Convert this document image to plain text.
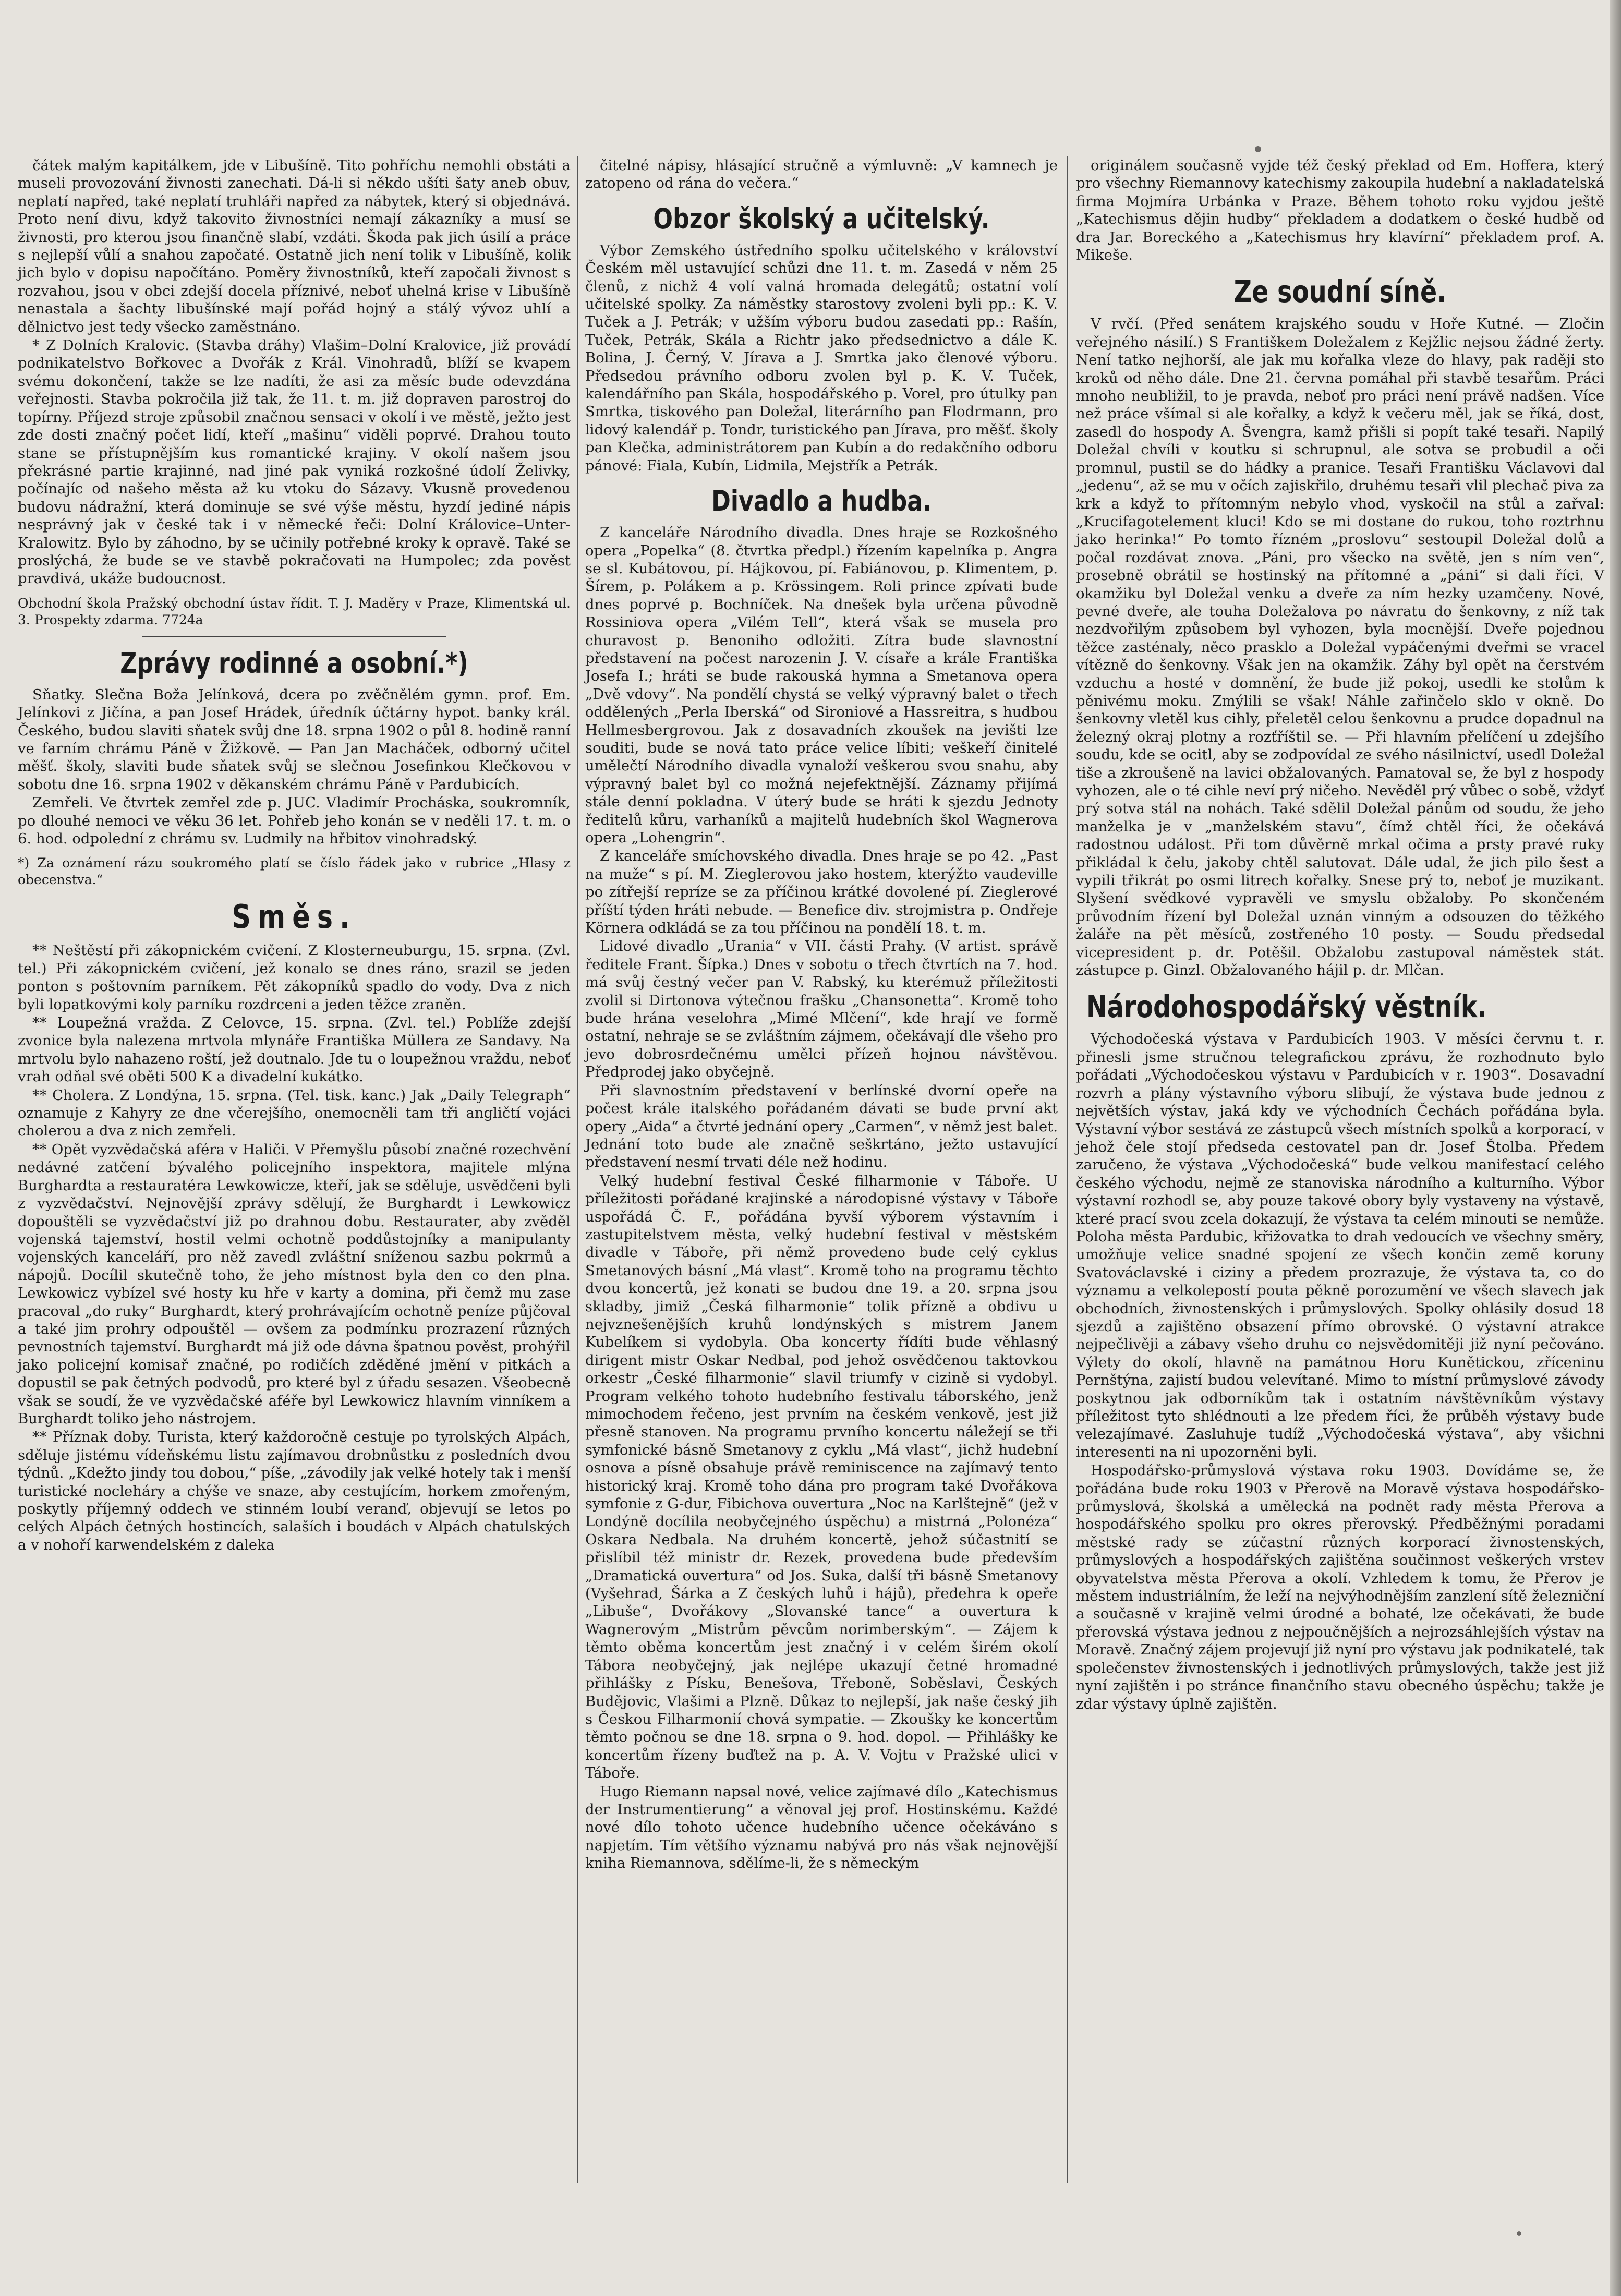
čátek malým kapitálkem, jde v Libušíně. Tito pohříchu nemohli obstáti a museli provozování živnosti zanechati. Dá-li si někdo ušíti šaty aneb obuv, neplatí napřed, také neplatí truhláři napřed za nábytek, který si objednává. Proto není divu, když takovito živnostníci nemají zákazníky a musí se živnosti, pro kterou jsou finančně slabí, vzdáti. Škoda pak jich úsilí a práce s nejlepší vůlí a snahou započaté. Ostatně jich není tolik v Libušíně, kolik jich bylo v dopisu napočítáno. Poměry živnostníků, kteří započali živnost s rozvahou, jsou v obci zdejší docela příznivé, neboť uhelná krise v Libušíně nenastala a šachty libušínské mají pořád hojný a stálý vývoz uhlí a dělnictvo jest tedy všecko zaměstnáno.

* Z Dolních Kralovic. (Stavba dráhy) Vlašim–Dolní Kralovice, již provádí podnikatelstvo Bořkovec a Dvořák z Král. Vinohradů, blíží se kvapem svému dokončení, takže se lze nadíti, že asi za měsíc bude odevzdána veřejnosti. Stavba pokročila již tak, že 11. t. m. již dopraven parostroj do topírny. Příjezd stroje způsobil značnou sensaci v okolí i ve městě, ježto jest zde dosti značný počet lidí, kteří „mašinu“ viděli poprvé. Drahou touto stane se přístupnějším kus romantické krajiny. V okolí našem jsou překrásné partie krajinné, nad jiné pak vyniká rozkošné údolí Želivky, počínajíc od našeho města až ku vtoku do Sázavy. Vkusně provedenou budovu nádražní, která dominuje se své výše městu, hyzdí jediné nápis nesprávný jak v české tak i v německé řeči: Dolní Královice–Unter-Kralowitz. Bylo by záhodno, by se učinily potřebné kroky k opravě. Také se proslýchá, že bude se ve stavbě pokračovati na Humpolec; zda pověst pravdivá, ukáže budoucnost.

Obchodní škola Pražský obchodní ústav řídit. T. J. Maděry v Praze, Klimentská ul. 3. Prospekty zdarma. 7724a
Zprávy rodinné a osobní.*)

Sňatky. Slečna Boža Jelínková, dcera po zvěčnělém gymn. prof. Em. Jelínkovi z Jičína, a pan Josef Hrádek, úředník účtárny hypot. banky král. Českého, budou slaviti sňatek svůj dne 18. srpna 1902 o půl 8. hodině ranní ve farním chrámu Páně v Žižkově. — Pan Jan Macháček, odborný učitel měšť. školy, slaviti bude sňatek svůj se slečnou Josefinkou Klečkovou v sobotu dne 16. srpna 1902 v děkanském chrámu Páně v Pardubicích.

Zemřeli. Ve čtvrtek zemřel zde p. JUC. Vladimír Procháska, soukromník, po dlouhé nemoci ve věku 36 let. Pohřeb jeho konán se v neděli 17. t. m. o 6. hod. odpolední z chrámu sv. Ludmily na hřbitov vinohradský.

*) Za oznámení rázu soukromého platí se číslo řádek jako v rubrice „Hlasy z obecenstva.“
Směs.

** Neštěstí při zákopnickém cvičení. Z Klosterneuburgu, 15. srpna. (Zvl. tel.) Při zákopnickém cvičení, jež konalo se dnes ráno, srazil se jeden ponton s poštovním parníkem. Pět zákopníků spadlo do vody. Dva z nich byli lopatkovými koly parníku rozdrceni a jeden těžce zraněn.

** Loupežná vražda. Z Celovce, 15. srpna. (Zvl. tel.) Poblíže zdejší zvonice byla nalezena mrtvola mlynáře Františka Müllera ze Sandavy. Na mrtvolu bylo nahazeno roští, jež doutnalo. Jde tu o loupežnou vraždu, neboť vrah odňal své oběti 500 K a divadelní kukátko.

** Cholera. Z Londýna, 15. srpna. (Tel. tisk. kanc.) Jak „Daily Telegraph“ oznamuje z Kahyry ze dne včerejšího, onemocněli tam tři angličtí vojáci cholerou a dva z nich zemřeli.

** Opět vyzvědačská aféra v Haliči. V Přemyšlu působí značné rozechvění nedávné zatčení bývalého policejního inspektora, majitele mlýna Burghardta a restauratéra Lewkowicze, kteří, jak se sděluje, usvědčeni byli z vyzvědačství. Nejnovější zprávy sdělují, že Burghardt i Lewkowicz dopouštěli se vyzvědačství již po drahnou dobu. Restaurater, aby zvěděl vojenská tajemství, hostil velmi ochotně poddůstojníky a manipulanty vojenských kanceláří, pro něž zavedl zvláštní sníženou sazbu pokrmů a nápojů. Docílil skutečně toho, že jeho místnost byla den co den plna. Lewkowicz vybízel své hosty ku hře v karty a domina, při čemž mu zase pracoval „do ruky“ Burghardt, který prohrávajícím ochotně peníze půjčoval a také jim prohry odpouštěl — ovšem za podmínku prozrazení různých pevnostních tajemství. Burghardt má již ode dávna špatnou pověst, prohýřil jako policejní komisař značné, po rodičích zděděné jmění v pitkách a dopustil se pak četných podvodů, pro které byl z úřadu sesazen. Všeobecně však se soudí, že ve vyzvědačské aféře byl Lewkowicz hlavním vinníkem a Burghardt toliko jeho nástrojem.

** Příznak doby. Turista, který každoročně cestuje po tyrolských Alpách, sděluje jistému vídeňskému listu zajímavou drobnůstku z posledních dvou týdnů. „Kdežto jindy tou dobou,“ píše, „závodily jak velké hotely tak i menší turistické nocleháry a chýše ve snaze, aby cestujícím, horkem zmořeným, poskytly příjemný oddech ve stinném loubí veranď, objevují se letos po celých Alpách četných hostincích, salaších i boudách v Alpách chatulských a v nohoří karwendelském z daleka

čitelné nápisy, hlásající stručně a výmluvně: „V kamnech je zatopeno od rána do večera.“

Obzor školský a učitelský.

Výbor Zemského ústředního spolku učitelského v království Českém měl ustavující schůzi dne 11. t. m. Zasedá v něm 25 členů, z nichž 4 volí valná hromada delegátů; ostatní volí učitelské spolky. Za náměstky starostovy zvoleni byli pp.: K. V. Tuček a J. Petrák; v užším výboru budou zasedati pp.: Rašín, Tuček, Petrák, Skála a Richtr jako předsednictvo a dále K. Bolina, J. Černý, V. Jírava a J. Smrtka jako členové výboru. Předsedou právního odboru zvolen byl p. K. V. Tuček, kalendářního pan Skála, hospodářského p. Vorel, pro útulky pan Smrtka, tiskového pan Doležal, literárního pan Flodrmann, pro lidový kalendář p. Tondr, turistického pan Jírava, pro měšť. školy pan Klečka, administrátorem pan Kubín a do redakčního odboru pánové: Fiala, Kubín, Lidmila, Mejstřík a Petrák.

Divadlo a hudba.

Z kanceláře Národního divadla. Dnes hraje se Rozkošného opera „Popelka“ (8. čtvrtka předpl.) řízením kapelníka p. Angra se sl. Kubátovou, pí. Hájkovou, pí. Fabiánovou, p. Klimentem, p. Šírem, p. Polákem a p. Krössingem. Roli prince zpívati bude dnes poprvé p. Bochníček. Na dnešek byla určena původně Rossiniova opera „Vilém Tell“, která však se musela pro churavost p. Benoniho odložiti. Zítra bude slavnostní představení na počest narozenin J. V. císaře a krále Františka Josefa I.; hráti se bude rakouská hymna a Smetanova opera „Dvě vdovy“. Na pondělí chystá se velký výpravný balet o třech oddělených „Perla Iberská“ od Sironiové a Hassreitra, s hudbou Hellmesbergrovou. Jak z dosavadních zkoušek na jevišti lze souditi, bude se nová tato práce velice líbiti; veškeří činitelé umělečtí Národního divadla vynaloží veškerou svou snahu, aby výpravný balet byl co možná nejefektnější. Záznamy přijímá stále denní pokladna. V úterý bude se hráti k sjezdu Jednoty ředitelů kůru, varhaníků a majitelů hudebních škol Wagnerova opera „Lohengrin“.

Z kanceláře smíchovského divadla. Dnes hraje se po 42. „Past na muže“ s pí. M. Zieglerovou jako hostem, kterýžto vaudeville po zítřejší repríze se za příčinou krátké dovolené pí. Zieglerové příští týden hráti nebude. — Benefice div. strojmistra p. Ondřeje Körnera odkládá se za tou příčinou na pondělí 18. t. m.

Lidové divadlo „Urania“ v VII. části Prahy. (V artist. správě ředitele Frant. Šípka.) Dnes v sobotu o třech čtvrtích na 7. hod. má svůj čestný večer pan V. Rabský, ku kterémuž příležitosti zvolil si Dirtonova výtečnou frašku „Chansonetta“. Kromě toho bude hrána veselohra „Mimé Mlčení“, kde hrají ve formě ostatní, nehraje se se zvláštním zájmem, očekávají dle všeho pro jevo dobrosrdečnému umělci přízeň hojnou návštěvou. Předprodej jako obyčejně.

Při slavnostním představení v berlínské dvorní opeře na počest krále italského pořádaném dávati se bude první akt opery „Aida“ a čtvrté jednání opery „Carmen“, v němž jest balet. Jednání toto bude ale značně seškrtáno, ježto ustavující představení nesmí trvati déle než hodinu.

Velký hudební festival České filharmonie v Táboře. U příležitosti pořádané krajinské a národopisné výstavy v Táboře uspořádá Č. F., pořádána byvší výborem výstavním i zastupitelstvem města, velký hudební festival v městském divadle v Táboře, při němž provedeno bude celý cyklus Smetanových básní „Má vlast“. Kromě toho na programu těchto dvou koncertů, jež konati se budou dne 19. a 20. srpna jsou skladby, jimiž „Česká filharmonie“ tolik přízně a obdivu u nejvznešenějších kruhů londýnských s mistrem Janem Kubelíkem si vydobyla. Oba koncerty řídíti bude věhlasný dirigent mistr Oskar Nedbal, pod jehož osvědčenou taktovkou orkestr „České filharmonie“ slavil triumfy v cizině si vydobyl. Program velkého tohoto hudebního festivalu táborského, jenž mimochodem řečeno, jest prvním na českém venkově, jest již přesně stanoven. Na programu prvního koncertu náležejí se tři symfonické básně Smetanovy z cyklu „Má vlast“, jichž hudební osnova a písně obsahuje právě reminiscence na zajímavý tento historický kraj. Kromě toho dána pro program také Dvořákova symfonie z G-dur, Fibichova ouvertura „Noc na Karlštejně“ (jež v Londýně docílila neobyčejného úspěchu) a mistrná „Polonéza“ Oskara Nedbala. Na druhém koncertě, jehož súčastnití se přislíbil též ministr dr. Rezek, provedena bude především „Dramatická ouvertura“ od Jos. Suka, další tři básně Smetanovy (Vyšehrad, Šárka a Z českých luhů i hájů), předehra k opeře „Libuše“, Dvořákovy „Slovanské tance“ a ouvertura k Wagnerovým „Mistrům pěvcům norimberským“. — Zájem k těmto oběma koncertům jest značný i v celém širém okolí Tábora neobyčejný, jak nejlépe ukazují četné hromadné přihlášky z Písku, Benešova, Třeboně, Soběslavi, Českých Budějovic, Vlašimi a Plzně. Důkaz to nejlepší, jak naše český jih s Českou Filharmonií chová sympatie. — Zkoušky ke koncertům těmto počnou se dne 18. srpna o 9. hod. dopol. — Přihlášky ke koncertům řízeny buďtež na p. A. V. Vojtu v Pražské ulici v Táboře.

Hugo Riemann napsal nové, velice zajímavé dílo „Katechismus der Instrumentierung“ a věnoval jej prof. Hostinskému. Každé nové dílo tohoto učence hudebního učence očekáváno s napjetím. Tím většího významu nabývá pro nás však nejnovější kniha Riemannova, sdělíme-li, že s německým

originálem současně vyjde též český překlad od Em. Hoffera, který pro všechny Riemannovy katechismy zakoupila hudební a nakladatelská firma Mojmíra Urbánka v Praze. Během tohoto roku vyjdou ještě „Katechismus dějin hudby“ překladem a dodatkem o české hudbě od dra Jar. Boreckého a „Katechismus hry klavírní“ překladem prof. A. Mikeše.

Ze soudní síně.

V rvčí. (Před senátem krajského soudu v Hoře Kutné. — Zločin veřejného násilí.) S Františkem Doležalem z Kejžlic nejsou žádné žerty. Není tatko nejhorší, ale jak mu kořalka vleze do hlavy, pak raději sto kroků od něho dále. Dne 21. června pomáhal při stavbě tesařům. Práci mnoho neubližil, to je pravda, neboť pro práci není právě nadšen. Více než práce všímal si ale kořalky, a když k večeru měl, jak se říká, dost, zasedl do hospody A. Švengra, kamž přišli si popít také tesaři. Napilý Doležal chvíli v koutku si schrupnul, ale sotva se probudil a oči promnul, pustil se do hádky a pranice. Tesaři Františku Václavovi dal „jedenu“, až se mu v očích zajiskřilo, druhému tesaři vlil plechač piva za krk a když to přítomným nebylo vhod, vyskočil na stůl a zařval: „Krucifagotelement kluci! Kdo se mi dostane do rukou, toho roztrhnu jako herinka!“ Po tomto řízném „proslovu“ sestoupil Doležal dolů a počal rozdávat znova. „Páni, pro všecko na světě, jen s ním ven“, prosebně obrátil se hostinský na přítomné a „páni“ si dali říci. V okamžiku byl Doležal venku a dveře za ním hezky uzamčeny. Nové, pevné dveře, ale touha Doležalova po návratu do šenkovny, z níž tak nezdvořilým způsobem byl vyhozen, byla mocnější. Dveře pojednou těžce zasténaly, něco prasklo a Doležal vypáčenými dveřmi se vracel vítězně do šenkovny. Však jen na okamžik. Záhy byl opět na čerstvém vzduchu a hosté v domnění, že bude již pokoj, usedli ke stolům k pěnivému moku. Zmýlili se však! Náhle zařinčelo sklo v okně. Do šenkovny vletěl kus cihly, přeletěl celou šenkovnu a prudce dopadnul na železný okraj plotny a rozťříštil se. — Při hlavním přelíčení u zdejšího soudu, kde se ocitl, aby se zodpovídal ze svého násilnictví, usedl Doležal tiše a zkroušeně na lavici obžalovaných. Pamatoval se, že byl z hospody vyhozen, ale o té cihle neví prý ničeho. Nevěděl prý vůbec o sobě, vždyť prý sotva stál na nohách. Také sdělil Doležal pánům od soudu, že jeho manželka je v „manželském stavu“, čímž chtěl říci, že očekává radostnou událost. Při tom důvěrně mrkal očima a prsty pravé ruky přikládal k čelu, jakoby chtěl salutovat. Dále udal, že jich pilo šest a vypili třikrát po osmi litrech kořalky. Snese prý to, neboť je muzikant. Slyšení svědkové vypravěli ve smyslu obžaloby. Po skončeném průvodním řízení byl Doležal uznán vinným a odsouzen do těžkého žaláře na pět měsíců, zostřeného 10 posty. — Soudu předsedal vicepresident p. dr. Potěšil. Obžalobu zastupoval náměstek stát. zástupce p. Ginzl. Obžalovaného hájil p. dr. Mlčan.

Národohospodářský věstník.

Východočeská výstava v Pardubicích 1903. V měsíci červnu t. r. přinesli jsme stručnou telegrafickou zprávu, že rozhodnuto bylo pořádati „Východočeskou výstavu v Pardubicích v r. 1903“. Dosavadní rozvrh a plány výstavního výboru slibují, že výstava bude jednou z největších výstav, jaká kdy ve východních Čechách pořádána byla. Výstavní výbor sestává ze zástupců všech místních spolků a korporací, v jehož čele stojí předseda cestovatel pan dr. Josef Štolba. Předem zaručeno, že výstava „Východočeská“ bude velkou manifestací celého českého východu, nejmě ze stanoviska národního a kulturního. Výbor výstavní rozhodl se, aby pouze takové obory byly vystaveny na výstavě, které prací svou zcela dokazují, že výstava ta celém minouti se nemůže. Poloha města Pardubic, křižovatka to drah vedoucích ve všechny směry, umožňuje velice snadné spojení ze všech končin země koruny Svatováclavské i ciziny a předem prozrazuje, že výstava ta, co do významu a velkolepostí pouta pěkně porozumění ve všech slavech jak obchodních, živnostenských i průmyslových. Spolky ohlásily dosud 18 sjezdů a zajištěno obsazení přímo obrovské. O výstavní atrakce nejpečlivěji a zábavy všeho druhu co nejsvědomitěji již nyní pečováno. Výlety do okolí, hlavně na památnou Horu Kunětickou, zříceninu Pernštýna, zajistí budou velevítané. Mimo to místní průmyslové závody poskytnou jak odborníkům tak i ostatním návštěvníkům výstavy příležitost tyto shlédnouti a lze předem říci, že průběh výstavy bude velezajímavé. Zasluhuje tudíž „Východočeská výstava“, aby všichni interesenti na ni upozorněni byli.

Hospodářsko-průmyslová výstava roku 1903. Dovídáme se, že pořádána bude roku 1903 v Přerově na Moravě výstava hospodářsko-průmyslová, školská a umělecká na podnět rady města Přerova a hospodářského spolku pro okres přerovský. Předběžnými poradami městské rady se zúčastní různých korporací živnostenských, průmyslových a hospodářských zajištěna součinnost veškerých vrstev obyvatelstva města Přerova a okolí. Vzhledem k tomu, že Přerov je městem industriálním, že leží na nejvýhodnějším zanzlení sítě železniční a současně v krajině velmi úrodné a bohaté, lze očekávati, že bude přerovská výstava jednou z nejpoučnějších a nejrozsáhlejších výstav na Moravě. Značný zájem projevují již nyní pro výstavu jak podnikatelé, tak společenstev živnostenských i jednotlivých průmyslových, takže jest již nyní zajištěn i po stránce finančního stavu obecného úspěchu; takže je zdar výstavy úplně zajištěn.
